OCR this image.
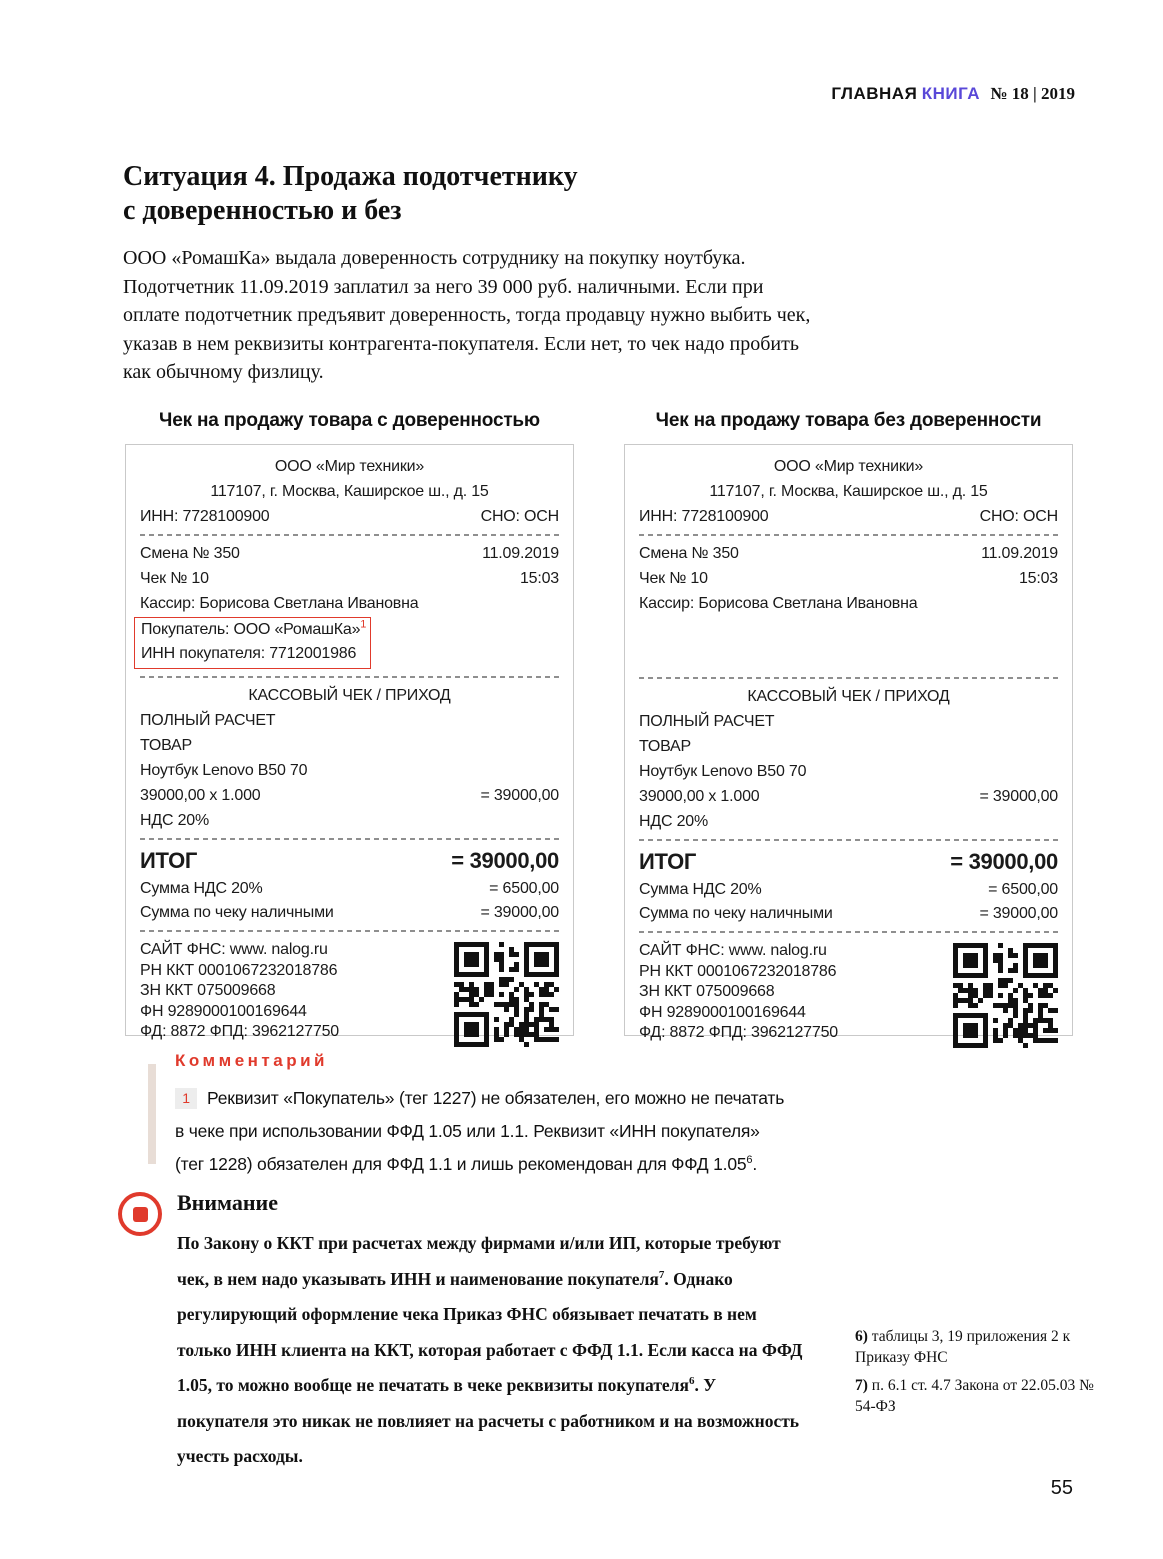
ГЛАВНАЯ КНИГА № 18 | 2019
Ситуация 4. Продажа подотчетнику
с доверенностью и без
ООО «РомашКа» выдала доверенность сотруднику на покупку ноутбука. Подотчетник 11.09.2019 заплатил за него 39 000 руб. наличными. Если при оплате подотчетник предъявит доверенность, тогда продавцу нужно выбить чек, указав в нем реквизиты контрагента-покупателя. Если нет, то чек надо пробить как обычному физлицу.
Чек на продажу товара с доверенностью
ООО «Мир техники»
117107, г. Москва, Каширское ш., д. 15
ИНН: 7728100900	СНО: ОСН
Смена № 350	11.09.2019
Чек № 10	15:03
Кассир: Борисова Светлана Ивановна
Покупатель: ООО «РомашКа»$^1$
ИНН покупателя: 7712001986
КАССОВЫЙ ЧЕК / ПРИХОД
ПОЛНЫЙ РАСЧЕТ
ТОВАР
Ноутбук Lenovo B50 70
39000,00 x 1.000	= 39000,00
НДС 20%
ИТОГ	= 39000,00
Сумма НДС 20%	= 6500,00
Сумма по чеку наличными	= 39000,00
САЙТ ФНС: www. nalog.ru
РН ККТ 0001067232018786
ЗН ККТ 075009668
ФН 9289000100169644
ФД: 8872 ФПД: 3962127750
Чек на продажу товара без доверенности
ООО «Мир техники»
117107, г. Москва, Каширское ш., д. 15
ИНН: 7728100900	СНО: ОСН
Смена № 350	11.09.2019
Чек № 10	15:03
Кассир: Борисова Светлана Ивановна
КАССОВЫЙ ЧЕК / ПРИХОД
ПОЛНЫЙ РАСЧЕТ
ТОВАР
Ноутбук Lenovo B50 70
39000,00 x 1.000	= 39000,00
НДС 20%
ИТОГ	= 39000,00
Сумма НДС 20%	= 6500,00
Сумма по чеку наличными	= 39000,00
САЙТ ФНС: www. nalog.ru
РН ККТ 0001067232018786
ЗН ККТ 075009668
ФН 9289000100169644
ФД: 8872 ФПД: 3962127750
Комментарий
1 Реквизит «Покупатель» (тег 1227) не обязателен, его можно не печатать в чеке при использовании ФФД 1.05 или 1.1. Реквизит «ИНН покупателя» (тег 1228) обязателен для ФФД 1.1 и лишь рекомендован для ФФД 1.05$^6$.
Внимание
По Закону о ККТ при расчетах между фирмами и/или ИП, которые требуют чек, в нем надо указывать ИНН и наименование покупателя$^7$. Однако регулирующий оформление чека Приказ ФНС обязывает печатать в нем только ИНН клиента на ККТ, которая работает с ФФД 1.1. Если касса на ФФД 1.05, то можно вообще не печатать в чеке реквизиты покупателя$^6$. У покупателя это никак не повлияет на расчеты с работником и на возможность учесть расходы.
6) таблицы 3, 19 приложения 2 к Приказу ФНС
7) п. 6.1 ст. 4.7 Закона от 22.05.03 № 54-ФЗ
55
